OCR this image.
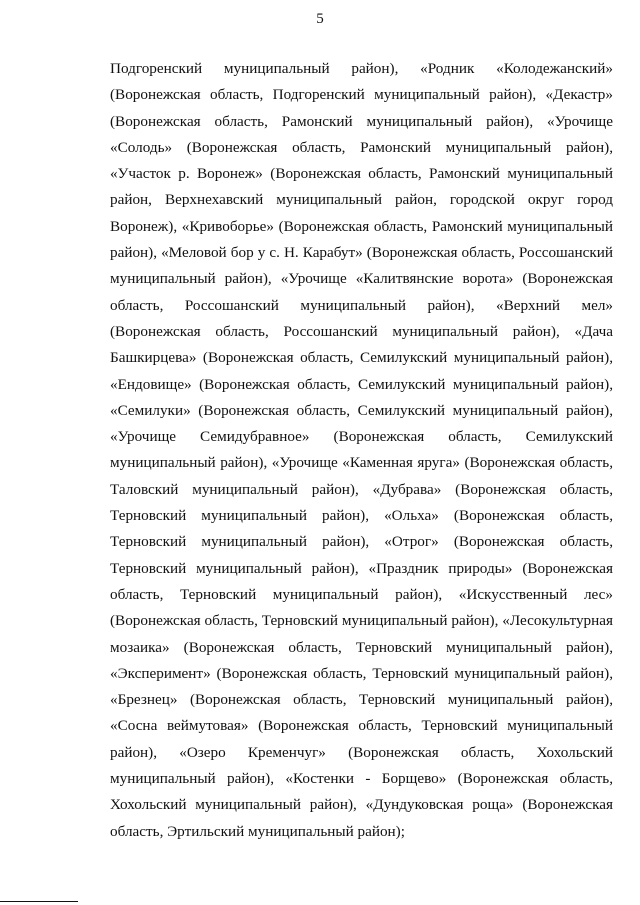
5

Подгоренский муниципальный район), «Родник «Колодежанский»
(Воронежская область, Подгоренский муниципальный район), «Декастр»
(Воронежская область, Рамонский муниципальный район), «Урочище
«Солодь» (Воронежская область, Рамонский муниципальный район),
«Участок р. Воронеж» (Воронежская область, Рамонский муниципальный
район, Верхнехавский муниципальный район, городской округ город
Воронеж), «Кривоборье» (Воронежская область, Рамонский муниципальный
район), «Меловой бор у с. Н. Карабут» (Воронежская область, Россошанский
муниципальный район), «Урочище «Калитвянские ворота» (Воронежская
область, Россошанский муниципальный район), «Верхний мел»
(Воронежская область, Россошанский муниципальный район), «Дача
Башкирцева» (Воронежская область, Семилукский муниципальный район),
«Ендовище» (Воронежская область, Семилукский муниципальный район),
«Семилуки» (Воронежская область, Семилукский муниципальный район),
«Урочище Семидубравное» (Воронежская область, Семилукский
муниципальный район), «Урочище «Каменная яруга» (Воронежская область,
Таловский муниципальный район), «Дубрава» (Воронежская область,
Терновский муниципальный район), «Ольха» (Воронежская область,
Терновский муниципальный район), «Отрог» (Воронежская область,
Терновский муниципальный район), «Праздник природы» (Воронежская
область, Терновский муниципальный район), «Искусственный лес»
(Воронежская область, Терновский муниципальный район), «Лесокультурная
мозаика» (Воронежская область, Терновский муниципальный район),
«Эксперимент» (Воронежская область, Терновский муниципальный район),
«Брезнец» (Воронежская область, Терновский муниципальный район),
«Сосна веймутовая» (Воронежская область, Терновский муниципальный
район), «Озеро Кременчуг» (Воронежская область, Хохольский
муниципальный район), «Костенки - Борщево» (Воронежская область,
Хохольский муниципальный район), «Дундуковская роща» (Воронежская
область, Эртильский муниципальный район);
